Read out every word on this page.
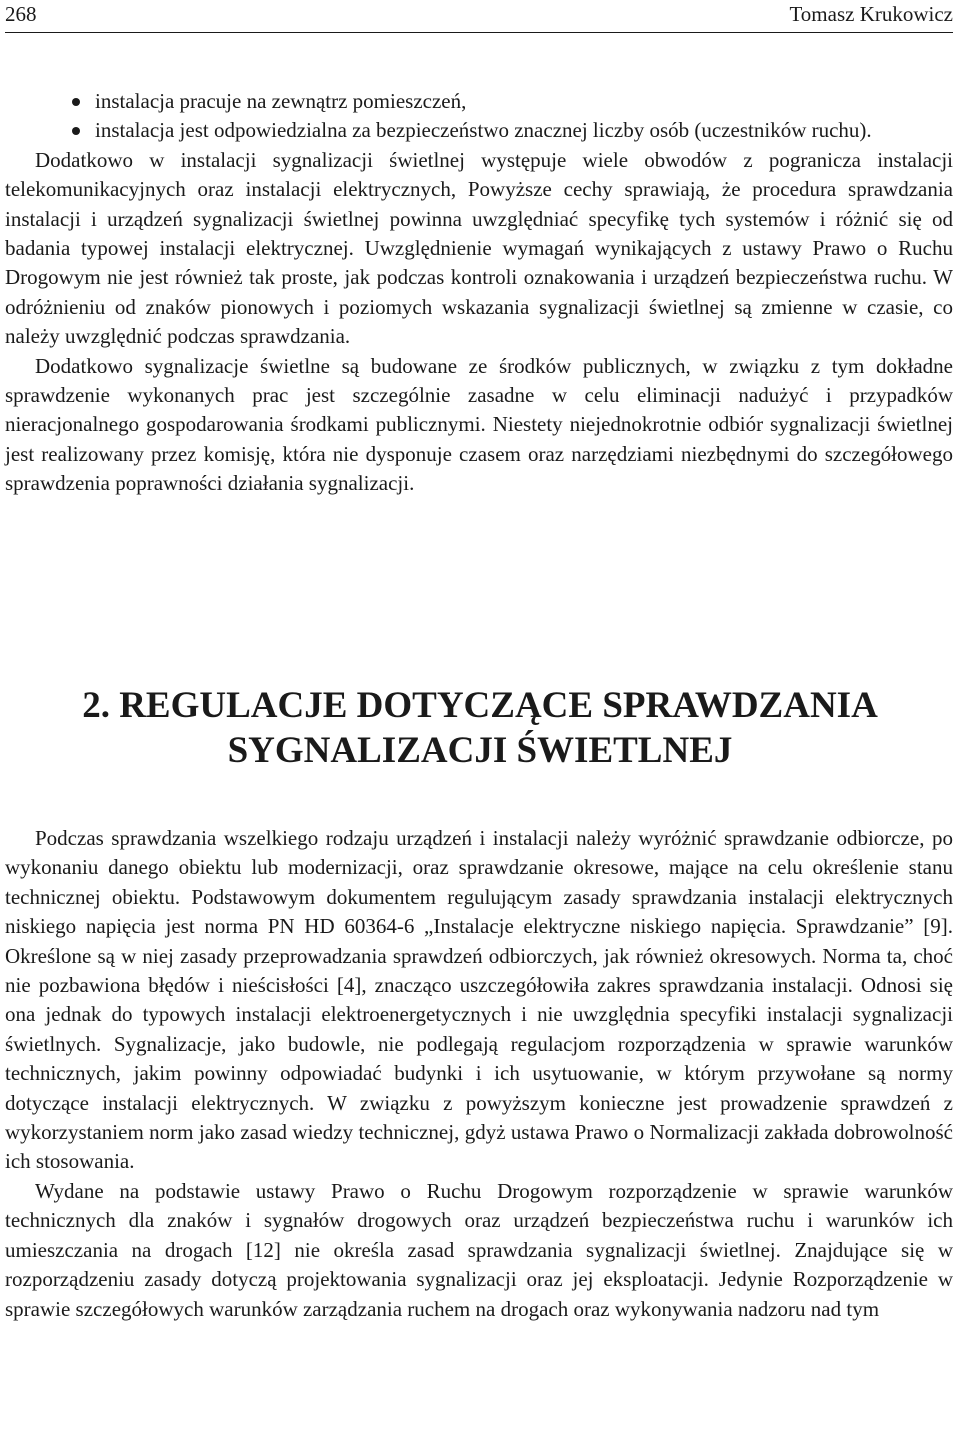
268	Tomasz Krukowicz
instalacja pracuje na zewnątrz pomieszczeń,
instalacja jest odpowiedzialna za bezpieczeństwo znacznej liczby osób (uczestników ruchu).

Dodatkowo w instalacji sygnalizacji świetlnej występuje wiele obwodów z pogranicza instalacji telekomunikacyjnych oraz instalacji elektrycznych, Powyższe cechy sprawiają, że procedura sprawdzania instalacji i urządzeń sygnalizacji świetlnej powinna uwzględniać specyfikę tych systemów i różnić się od badania typowej instalacji elektrycznej. Uwzględnienie wymagań wynikających z ustawy Prawo o Ruchu Drogowym nie jest również tak proste, jak podczas kontroli oznakowania i urządzeń bezpieczeństwa ruchu. W odróżnieniu od znaków pionowych i poziomych wskazania sygnalizacji świetlnej są zmienne w czasie, co należy uwzględnić podczas sprawdzania.

Dodatkowo sygnalizacje świetlne są budowane ze środków publicznych, w związku z tym dokładne sprawdzenie wykonanych prac jest szczególnie zasadne w celu eliminacji nadużyć i przypadków nieracjonalnego gospodarowania środkami publicznymi. Niestety niejednokrotnie odbiór sygnalizacji świetlnej jest realizowany przez komisję, która nie dysponuje czasem oraz narzędziami niezbędnymi do szczegółowego sprawdzenia poprawności działania sygnalizacji.

2. REGULACJE DOTYCZĄCE SPRAWDZANIA
SYGNALIZACJI ŚWIETLNEJ

Podczas sprawdzania wszelkiego rodzaju urządzeń i instalacji należy wyróżnić sprawdzanie odbiorcze, po wykonaniu danego obiektu lub modernizacji, oraz sprawdzanie okresowe, mające na celu określenie stanu technicznej obiektu. Podstawowym dokumentem regulującym zasady sprawdzania instalacji elektrycznych niskiego napięcia jest norma PN HD 60364-6 „Instalacje elektryczne niskiego napięcia. Sprawdzanie” [9]. Określone są w niej zasady przeprowadzania sprawdzeń odbiorczych, jak również okresowych. Norma ta, choć nie pozbawiona błędów i nieścisłości [4], znacząco uszczegółowiła zakres sprawdzania instalacji. Odnosi się ona jednak do typowych instalacji elektroenergetycznych i nie uwzględnia specyfiki instalacji sygnalizacji świetlnych. Sygnalizacje, jako budowle, nie podlegają regulacjom rozporządzenia w sprawie warunków technicznych, jakim powinny odpowiadać budynki i ich usytuowanie, w którym przywołane są normy dotyczące instalacji elektrycznych. W związku z powyższym konieczne jest prowadzenie sprawdzeń z wykorzystaniem norm jako zasad wiedzy technicznej, gdyż ustawa Prawo o Normalizacji zakłada dobrowolność ich stosowania.

Wydane na podstawie ustawy Prawo o Ruchu Drogowym rozporządzenie w sprawie warunków technicznych dla znaków i sygnałów drogowych oraz urządzeń bezpieczeństwa ruchu i warunków ich umieszczania na drogach [12] nie określa zasad sprawdzania sygnalizacji świetlnej. Znajdujące się w rozporządzeniu zasady dotyczą projektowania sygnalizacji oraz jej eksploatacji. Jedynie Rozporządzenie w sprawie szczegółowych warunków zarządzania ruchem na drogach oraz wykonywania nadzoru nad tym
